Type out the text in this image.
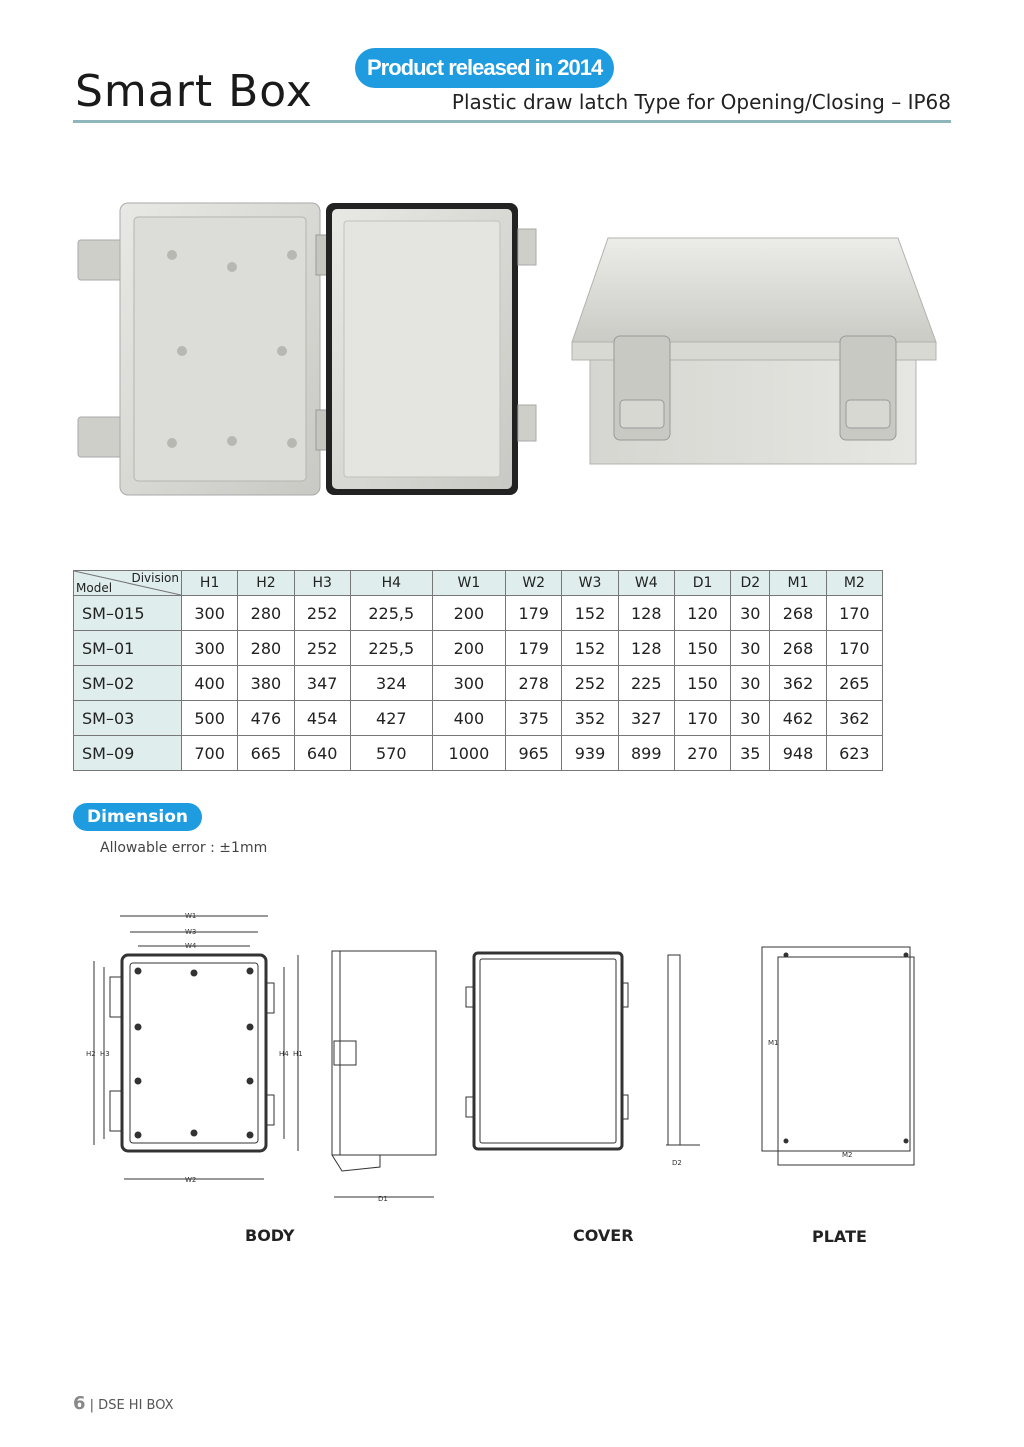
Smart Box	Product released in 2014
Plastic draw latch Type for Opening/Closing – IP68
Division
Model	H1	H2	H3	H4	W1	W2	W3	W4	D1	D2	M1	M2
SM–015	300	280	252	225,5	200	179	152	128	120	30	268	170
SM–01	300	280	252	225,5	200	179	152	128	150	30	268	170
SM–02	400	380	347	324	300	278	252	225	150	30	362	265
SM–03	500	476	454	427	400	375	352	327	170	30	462	362
SM–09	700	665	640	570	1000	965	939	899	270	35	948	623
Dimension
Allowable error : ±1mm
W1
W3
W4
W2
H2 H3	H4 H1
D1
D2
M1
M2
BODY	COVER	PLATE
6 | DSE HI BOX
